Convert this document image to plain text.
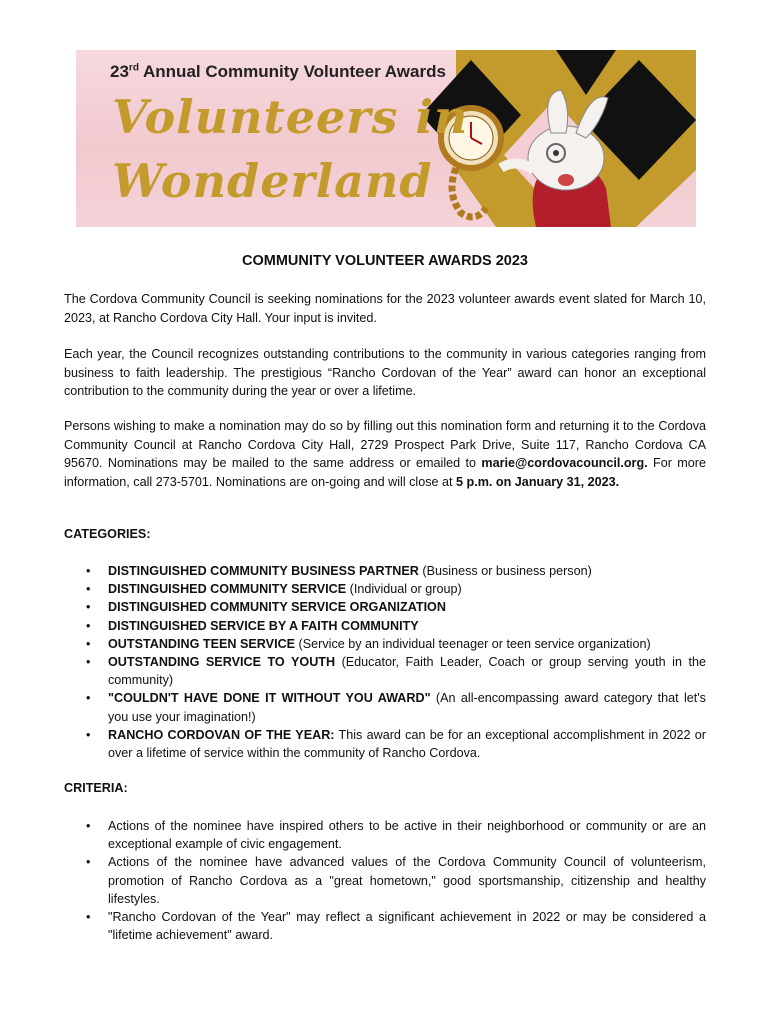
23rd Annual Community Volunteer Awards
Volunteers in
Wonderland
COMMUNITY VOLUNTEER AWARDS 2023
The Cordova Community Council is seeking nominations for the 2023 volunteer awards event slated for March 10, 2023, at Rancho Cordova City Hall. Your input is invited.
Each year, the Council recognizes outstanding contributions to the community in various categories ranging from business to faith leadership. The prestigious “Rancho Cordovan of the Year” award can honor an exceptional contribution to the community during the year or over a lifetime.
Persons wishing to make a nomination may do so by filling out this nomination form and returning it to the Cordova Community Council at Rancho Cordova City Hall, 2729 Prospect Park Drive, Suite 117, Rancho Cordova CA 95670. Nominations may be mailed to the same address or emailed to marie@cordovacouncil.org. For more information, call 273-5701. Nominations are on-going and will close at 5 p.m. on January 31, 2023.
CATEGORIES:
• DISTINGUISHED COMMUNITY BUSINESS PARTNER (Business or business person)
• DISTINGUISHED COMMUNITY SERVICE (Individual or group)
• DISTINGUISHED COMMUNITY SERVICE ORGANIZATION
• DISTINGUISHED SERVICE BY A FAITH COMMUNITY
• OUTSTANDING TEEN SERVICE (Service by an individual teenager or teen service organization)
• OUTSTANDING SERVICE TO YOUTH (Educator, Faith Leader, Coach or group serving youth in the community)
• "COULDN'T HAVE DONE IT WITHOUT YOU AWARD" (An all-encompassing award category that let's you use your imagination!)
• RANCHO CORDOVAN OF THE YEAR: This award can be for an exceptional accomplishment in 2022 or over a lifetime of service within the community of Rancho Cordova.
CRITERIA:
• Actions of the nominee have inspired others to be active in their neighborhood or community or are an exceptional example of civic engagement.
• Actions of the nominee have advanced values of the Cordova Community Council of volunteerism, promotion of Rancho Cordova as a "great hometown," good sportsmanship, citizenship and healthy lifestyles.
• "Rancho Cordovan of the Year" may reflect a significant achievement in 2022 or may be considered a "lifetime achievement" award.
